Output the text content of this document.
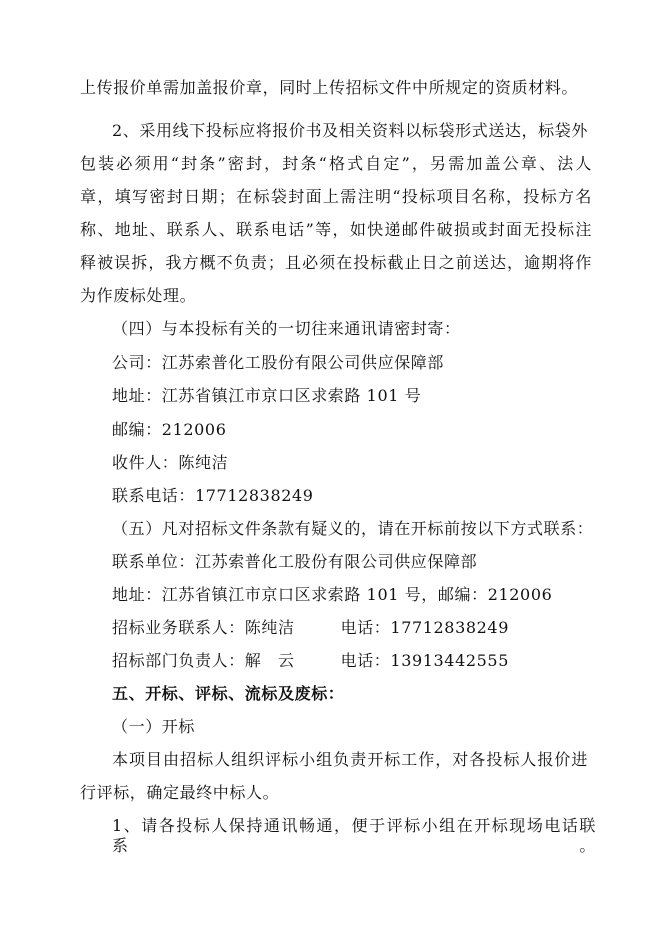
上传报价单需加盖报价章，同时上传招标文件中所规定的资质材料。
2、采用线下投标应将报价书及相关资料以标袋形式送达，标袋外
包装必须用“封条”密封，封条“格式自定”，另需加盖公章、法人
章，填写密封日期；在标袋封面上需注明“投标项目名称，投标方名
称、地址、联系人、联系电话”等，如快递邮件破损或封面无投标注
释被误拆，我方概不负责；且必须在投标截止日之前送达，逾期将作
为作废标处理。
（四）与本投标有关的一切往来通讯请密封寄：
公司：江苏索普化工股份有限公司供应保障部
地址：江苏省镇江市京口区求索路 101 号
邮编：212006
收件人：陈纯洁
联系电话：17712838249
（五）凡对招标文件条款有疑义的，请在开标前按以下方式联系：
联系单位：江苏索普化工股份有限公司供应保障部
地址：江苏省镇江市京口区求索路 101 号，邮编：212006
招标业务联系人：陈纯洁	电话：17712838249
招标部门负责人：解　云	电话：13913442555
五、开标、评标、流标及废标：
（一）开标
本项目由招标人组织评标小组负责开标工作，对各投标人报价进
行评标，确定最终中标人。
1、请各投标人保持通讯畅通，便于评标小组在开标现场电话联系。
